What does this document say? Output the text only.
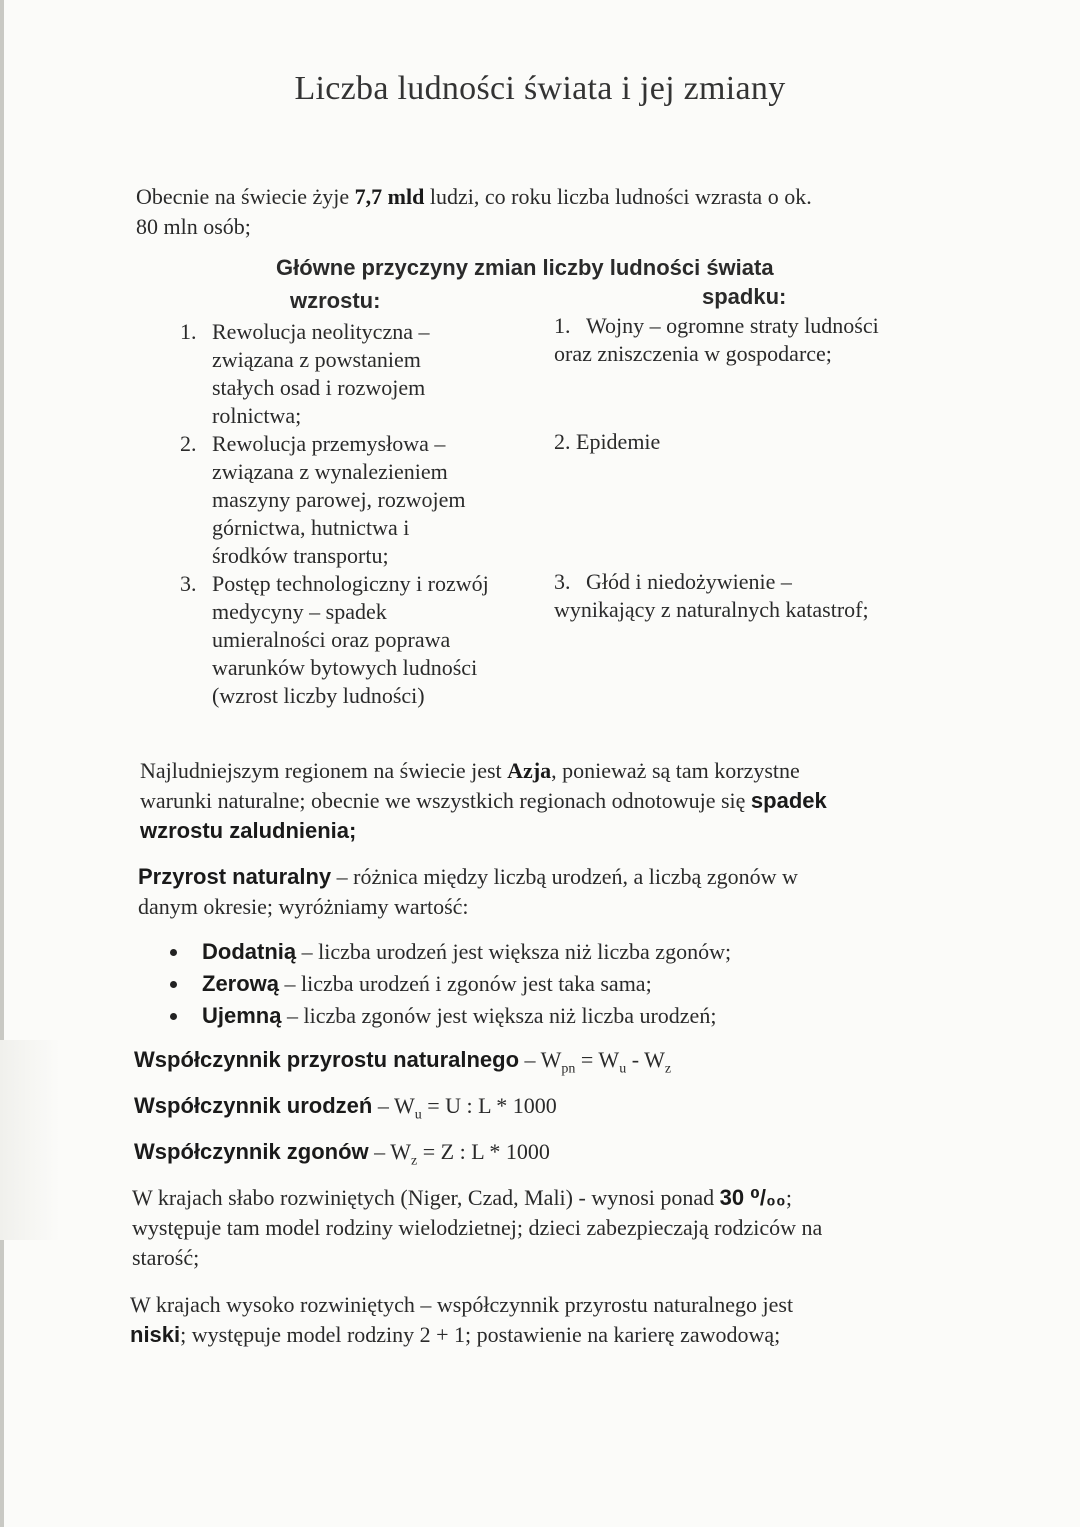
Liczba ludności świata i jej zmiany
Obecnie na świecie żyje 7,7 mld ludzi, co roku liczba ludności wzrasta o ok.
80 mln osób;
Główne przyczyny zmian liczby ludności świata
wzrostu:	spadku:
1. Rewolucja neolityczna –
związana z powstaniem
stałych osad i rozwojem
rolnictwa;
2. Rewolucja przemysłowa –
związana z wynalezieniem
maszyny parowej, rozwojem
górnictwa, hutnictwa i
środków transportu;
3. Postęp technologiczny i rozwój
medycyny – spadek
umieralności oraz poprawa
warunków bytowych ludności
(wzrost liczby ludności)
1. Wojny – ogromne straty ludności
oraz zniszczenia w gospodarce;
2. Epidemie
3. Głód i niedożywienie –
wynikający z naturalnych katastrof;
Najludniejszym regionem na świecie jest Azja, ponieważ są tam korzystne
warunki naturalne; obecnie we wszystkich regionach odnotowuje się spadek
wzrostu zaludnienia;
Przyrost naturalny – różnica między liczbą urodzeń, a liczbą zgonów w
danym okresie; wyróżniamy wartość:
Dodatnią – liczba urodzeń jest większa niż liczba zgonów;
Zerową – liczba urodzeń i zgonów jest taka sama;
Ujemną – liczba zgonów jest większa niż liczba urodzeń;
Współczynnik przyrostu naturalnego – $W_{pn} = W_u - W_z$
Współczynnik urodzeń – $W_u = U$ : L * 1000
Współczynnik zgonów – $W_z = Z$ : L * 1000
W krajach słabo rozwiniętych (Niger, Czad, Mali) - wynosi ponad 30 ⁰/₀₀;
występuje tam model rodziny wielodzietnej; dzieci zabezpieczają rodziców na
starość;
W krajach wysoko rozwiniętych – współczynnik przyrostu naturalnego jest
niski; występuje model rodziny 2 + 1; postawienie na karierę zawodową;
